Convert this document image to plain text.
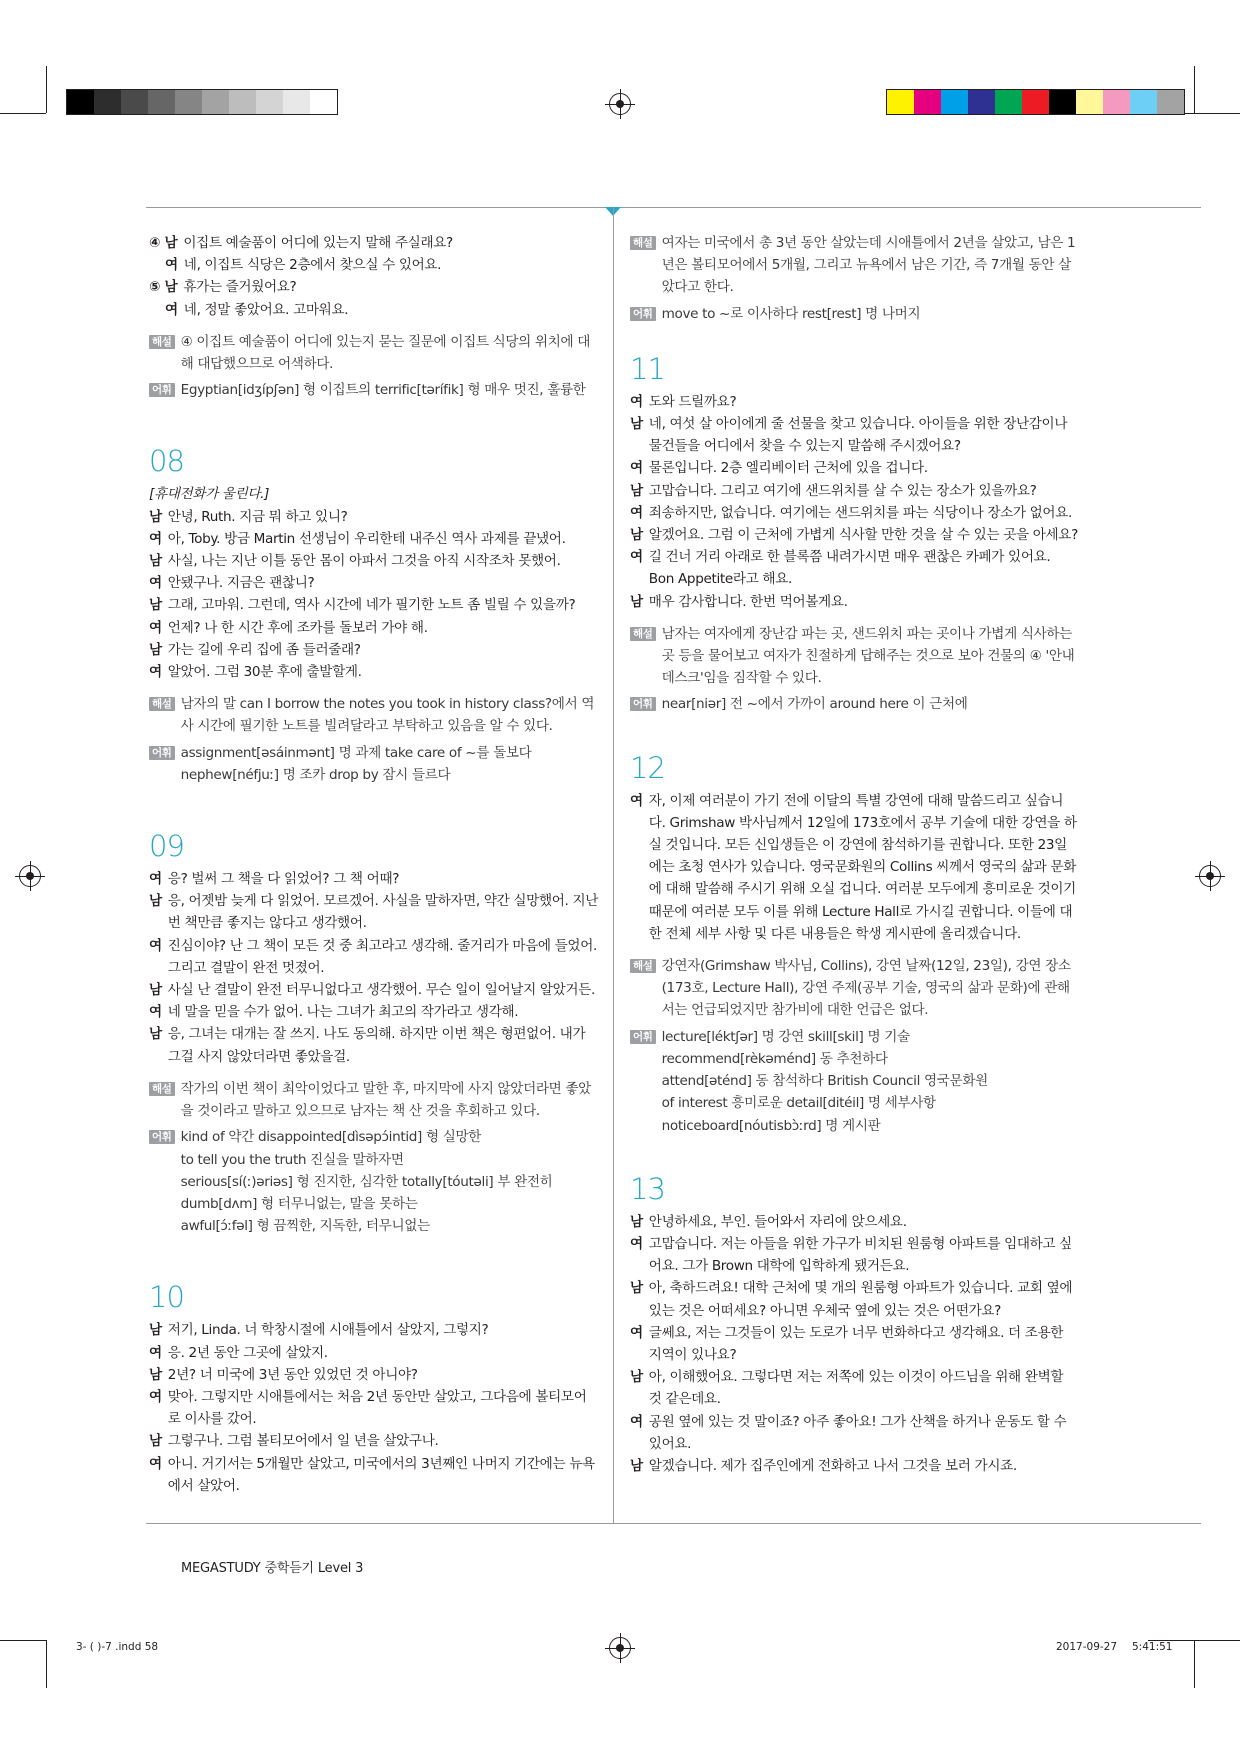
④ 남 이집트 예술품이 어디에 있는지 말해 주실래요?
여 네, 이집트 식당은 2층에서 찾으실 수 있어요.
⑤ 남 휴가는 즐거웠어요?
여 네, 정말 좋았어요. 고마워요.
해설 ④ 이집트 예술품이 어디에 있는지 묻는 질문에 이집트 식당의 위치에 대해 대답했으므로 어색하다.
어휘 Egyptian[idʒípʃən] 형 이집트의 terrific[tərífik] 형 매우 멋진, 훌륭한
08
[휴대전화가 울린다.]
남 안녕, Ruth. 지금 뭐 하고 있니?
여 아, Toby. 방금 Martin 선생님이 우리한테 내주신 역사 과제를 끝냈어.
남 사실, 나는 지난 이틀 동안 몸이 아파서 그것을 아직 시작조차 못했어.
여 안됐구나. 지금은 괜찮니?
남 그래, 고마워. 그런데, 역사 시간에 네가 필기한 노트 좀 빌릴 수 있을까?
여 언제? 나 한 시간 후에 조카를 돌보러 가야 해.
남 가는 길에 우리 집에 좀 들러줄래?
여 알았어. 그럼 30분 후에 출발할게.
해설 남자의 말 can I borrow the notes you took in history class?에서 역사 시간에 필기한 노트를 빌려달라고 부탁하고 있음을 알 수 있다.
어휘 assignment[əsáinmənt] 명 과제 take care of ~를 돌보다
nephew[néfjuː] 명 조카 drop by 잠시 들르다
09
여 응? 벌써 그 책을 다 읽었어? 그 책 어때?
남 응, 어젯밤 늦게 다 읽었어. 모르겠어. 사실을 말하자면, 약간 실망했어. 지난번 책만큼 좋지는 않다고 생각했어.
여 진심이야? 난 그 책이 모든 것 중 최고라고 생각해. 줄거리가 마음에 들었어. 그리고 결말이 완전 멋졌어.
남 사실 난 결말이 완전 터무니없다고 생각했어. 무슨 일이 일어날지 알았거든.
여 네 말을 믿을 수가 없어. 나는 그녀가 최고의 작가라고 생각해.
남 응, 그녀는 대개는 잘 쓰지. 나도 동의해. 하지만 이번 책은 형편없어. 내가 그걸 사지 않았더라면 좋았을걸.
해설 작가의 이번 책이 최악이었다고 말한 후, 마지막에 사지 않았더라면 좋았을 것이라고 말하고 있으므로 남자는 책 산 것을 후회하고 있다.
어휘 kind of 약간 disappointed[dìsəpɔ́intid] 형 실망한
to tell you the truth 진실을 말하자면
serious[sí(ː)əriəs] 형 진지한, 심각한 totally[tóutəli] 부 완전히
dumb[dʌm] 형 터무니없는, 말을 못하는
awful[ɔ́ːfəl] 형 끔찍한, 지독한, 터무니없는
10
남 저기, Linda. 너 학창시절에 시애틀에서 살았지, 그렇지?
여 응. 2년 동안 그곳에 살았지.
남 2년? 너 미국에 3년 동안 있었던 것 아니야?
여 맞아. 그렇지만 시애틀에서는 처음 2년 동안만 살았고, 그다음에 볼티모어로 이사를 갔어.
남 그렇구나. 그럼 볼티모어에서 일 년을 살았구나.
여 아니. 거기서는 5개월만 살았고, 미국에서의 3년째인 나머지 기간에는 뉴욕에서 살았어.
해설 여자는 미국에서 총 3년 동안 살았는데 시애틀에서 2년을 살았고, 남은 1년은 볼티모어에서 5개월, 그리고 뉴욕에서 남은 기간, 즉 7개월 동안 살았다고 한다.
어휘 move to ~로 이사하다 rest[rest] 명 나머지
11
여 도와 드릴까요?
남 네, 여섯 살 아이에게 줄 선물을 찾고 있습니다. 아이들을 위한 장난감이나 물건들을 어디에서 찾을 수 있는지 말씀해 주시겠어요?
여 물론입니다. 2층 엘리베이터 근처에 있을 겁니다.
남 고맙습니다. 그리고 여기에 샌드위치를 살 수 있는 장소가 있을까요?
여 죄송하지만, 없습니다. 여기에는 샌드위치를 파는 식당이나 장소가 없어요.
남 알겠어요. 그럼 이 근처에 가볍게 식사할 만한 것을 살 수 있는 곳을 아세요?
여 길 건너 거리 아래로 한 블록쯤 내려가시면 매우 괜찮은 카페가 있어요. Bon Appetite라고 해요.
남 매우 감사합니다. 한번 먹어볼게요.
해설 남자는 여자에게 장난감 파는 곳, 샌드위치 파는 곳이나 가볍게 식사하는 곳 등을 물어보고 여자가 친절하게 답해주는 것으로 보아 건물의 ④ '안내 데스크'임을 짐작할 수 있다.
어휘 near[niər] 전 ~에서 가까이 around here 이 근처에
12
여 자, 이제 여러분이 가기 전에 이달의 특별 강연에 대해 말씀드리고 싶습니다. Grimshaw 박사님께서 12일에 173호에서 공부 기술에 대한 강연을 하실 것입니다. 모든 신입생들은 이 강연에 참석하기를 권합니다. 또한 23일에는 초청 연사가 있습니다. 영국문화원의 Collins 씨께서 영국의 삶과 문화에 대해 말씀해 주시기 위해 오실 겁니다. 여러분 모두에게 흥미로운 것이기 때문에 여러분 모두 이를 위해 Lecture Hall로 가시길 권합니다. 이들에 대한 전체 세부 사항 및 다른 내용들은 학생 게시판에 올리겠습니다.
해설 강연자(Grimshaw 박사님, Collins), 강연 날짜(12일, 23일), 강연 장소(173호, Lecture Hall), 강연 주제(공부 기술, 영국의 삶과 문화)에 관해서는 언급되었지만 참가비에 대한 언급은 없다.
어휘 lecture[léktʃər] 명 강연 skill[skil] 명 기술
recommend[rèkəménd] 동 추천하다
attend[əténd] 동 참석하다 British Council 영국문화원
of interest 흥미로운 detail[ditéil] 명 세부사항
noticeboard[nóutisbɔ̀ːrd] 명 게시판
13
남 안녕하세요, 부인. 들어와서 자리에 앉으세요.
여 고맙습니다. 저는 아들을 위한 가구가 비치된 원룸형 아파트를 임대하고 싶어요. 그가 Brown 대학에 입학하게 됐거든요.
남 아, 축하드려요! 대학 근처에 몇 개의 원룸형 아파트가 있습니다. 교회 옆에 있는 것은 어떠세요? 아니면 우체국 옆에 있는 것은 어떤가요?
여 글쎄요, 저는 그것들이 있는 도로가 너무 번화하다고 생각해요. 더 조용한 지역이 있나요?
남 아, 이해했어요. 그렇다면 저는 저쪽에 있는 이것이 아드님을 위해 완벽할 것 같은데요.
여 공원 옆에 있는 것 말이죠? 아주 좋아요! 그가 산책을 하거나 운동도 할 수 있어요.
남 알겠습니다. 제가 집주인에게 전화하고 나서 그것을 보러 가시죠.
MEGASTUDY 중학듣기 Level 3
3- ( )-7 .indd 58	2017-09-27 5:41:51
